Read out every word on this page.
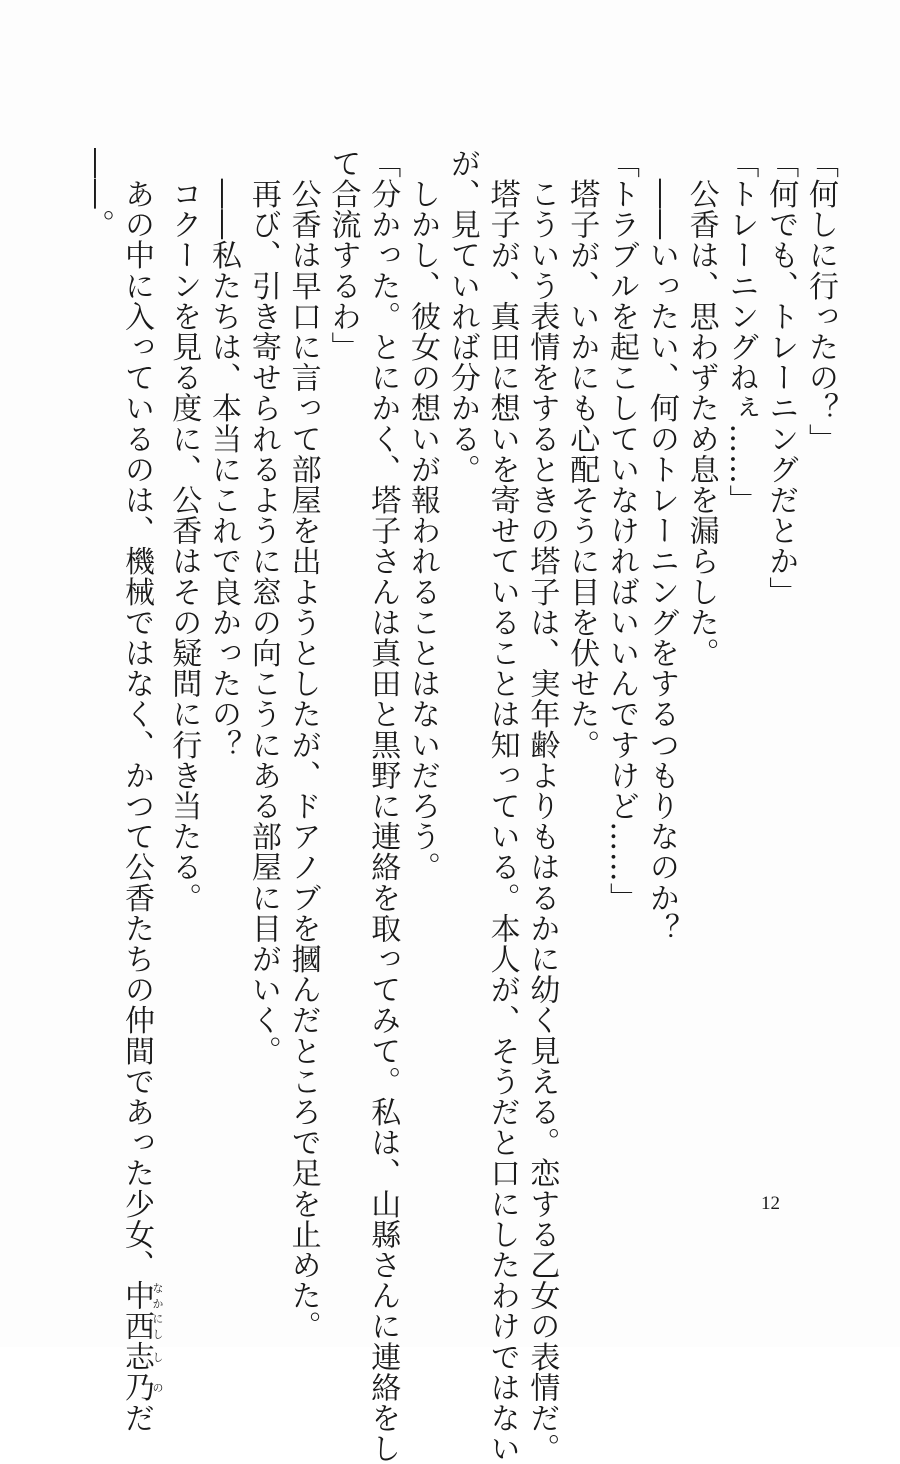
「何しに行ったの？」
「何でも、トレーニングだとか」
「トレーニングねぇ……」
　公香は、思わずため息を漏らした。
　――いったい、何のトレーニングをするつもりなのか？
「トラブルを起こしていなければいいんですけど……」
　塔子が、いかにも心配そうに目を伏せた。
　こういう表情をするときの塔子は、実年齢よりもはるかに幼く見える。恋する乙女の表情だ。
　塔子が、真田に想いを寄せていることは知っている。本人が、そうだと口にしたわけではない
が、見ていれば分かる。
　しかし、彼女の想いが報われることはないだろう。
「分かった。とにかく、塔子さんは真田と黒野に連絡を取ってみて。私は、山縣さんに連絡をし
て合流するわ」
　公香は早口に言って部屋を出ようとしたが、ドアノブを摑んだところで足を止めた。
　再び、引き寄せられるように窓の向こうにある部屋に目がいく。
　――私たちは、本当にこれで良かったの？
　コクーンを見る度に、公香はその疑問に行き当たる。
　あの中に入っているのは、機械ではなく、かつて公香たちの仲間であった少女、中西なかにし志乃しのだ
――。
12
